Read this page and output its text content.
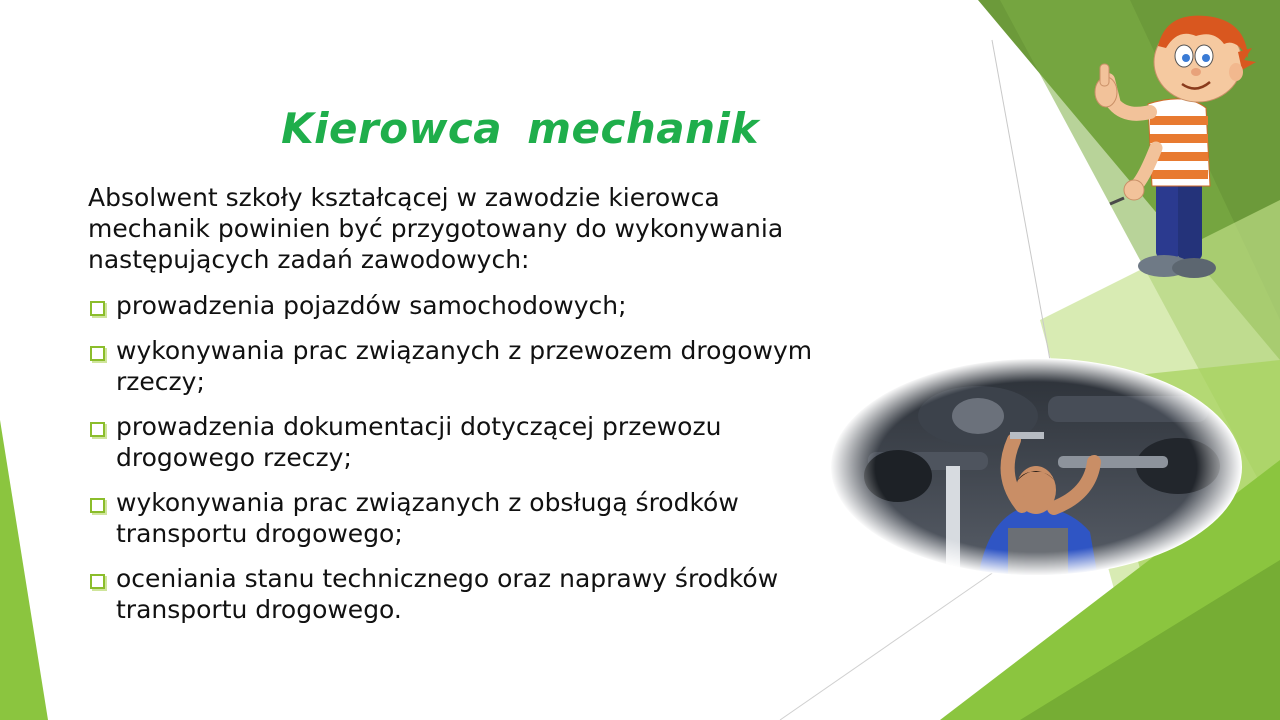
Kierowca mechanik

Absolwent szkoły kształcącej w zawodzie kierowca mechanik powinien być przygotowany do wykonywania następujących zadań zawodowych:

prowadzenia pojazdów samochodowych;
wykonywania prac związanych z przewozem drogowym rzeczy;
prowadzenia dokumentacji dotyczącej przewozu drogowego rzeczy;
wykonywania prac związanych z obsługą środków transportu drogowego;
oceniania stanu technicznego oraz naprawy środków transportu drogowego.
